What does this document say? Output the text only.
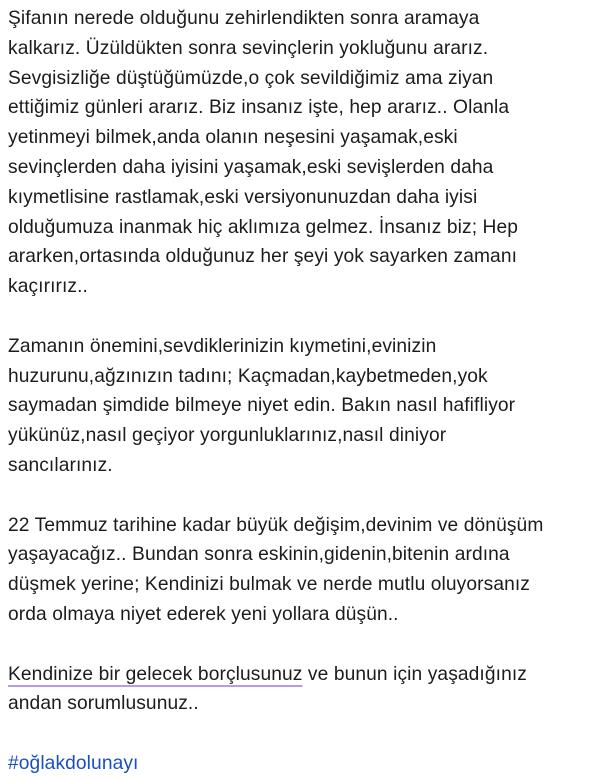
Şifanın nerede olduğunu zehirlendikten sonra aramaya
kalkarız. Üzüldükten sonra sevinçlerin yokluğunu ararız.
Sevgisizliğe düştüğümüzde,o çok sevildiğimiz ama ziyan
ettiğimiz günleri ararız. Biz insanız işte, hep ararız.. Olanla
yetinmeyi bilmek,anda olanın neşesini yaşamak,eski
sevinçlerden daha iyisini yaşamak,eski sevişlerden daha
kıymetlisine rastlamak,eski versiyonunuzdan daha iyisi
olduğumuza inanmak hiç aklımıza gelmez. İnsanız biz; Hep
ararken,ortasında olduğunuz her şeyi yok sayarken zamanı
kaçırırız..

Zamanın önemini,sevdiklerinizin kıymetini,evinizin
huzurunu,ağzınızın tadını; Kaçmadan,kaybetmeden,yok
saymadan şimdide bilmeye niyet edin. Bakın nasıl hafifliyor
yükünüz,nasıl geçiyor yorgunluklarınız,nasıl diniyor
sancılarınız.

22 Temmuz tarihine kadar büyük değişim,devinim ve dönüşüm
yaşayacağız.. Bundan sonra eskinin,gidenin,bitenin ardına
düşmek yerine; Kendinizi bulmak ve nerde mutlu oluyorsanız
orda olmaya niyet ederek yeni yollara düşün..

Kendinize bir gelecek borçlusunuz ve bunun için yaşadığınız
andan sorumlusunuz..

#oğlakdolunayı
